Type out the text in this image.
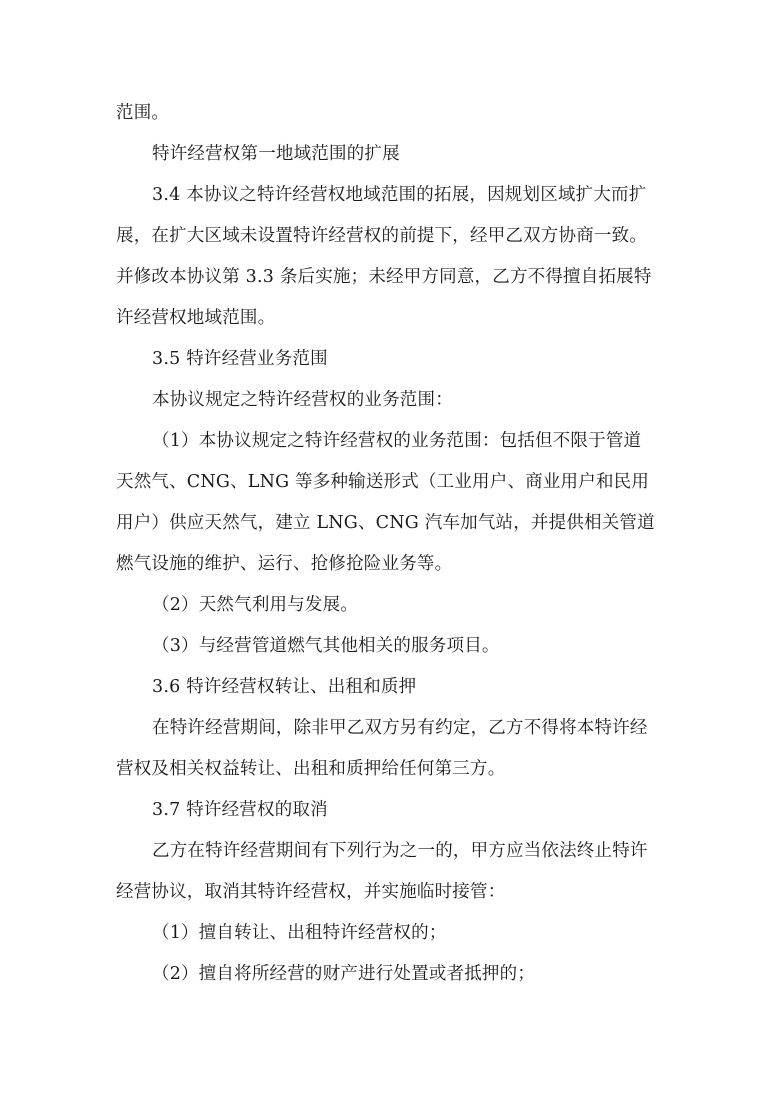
范围。
特许经营权第一地域范围的扩展
3.4 本协议之特许经营权地域范围的拓展，因规划区域扩大而扩
展，在扩大区域未设置特许经营权的前提下，经甲乙双方协商一致。
并修改本协议第 3.3 条后实施；未经甲方同意，乙方不得擅自拓展特
许经营权地域范围。
3.5 特许经营业务范围
本协议规定之特许经营权的业务范围：
（1）本协议规定之特许经营权的业务范围：包括但不限于管道
天然气、CNG、LNG 等多种输送形式（工业用户、商业用户和民用
用户）供应天然气，建立 LNG、CNG 汽车加气站，并提供相关管道
燃气设施的维护、运行、抢修抢险业务等。
（2）天然气利用与发展。
（3）与经营管道燃气其他相关的服务项目。
3.6 特许经营权转让、出租和质押
在特许经营期间，除非甲乙双方另有约定，乙方不得将本特许经
营权及相关权益转让、出租和质押给任何第三方。
3.7 特许经营权的取消
乙方在特许经营期间有下列行为之一的，甲方应当依法终止特许
经营协议，取消其特许经营权，并实施临时接管：
（1）擅自转让、出租特许经营权的；
（2）擅自将所经营的财产进行处置或者抵押的；
